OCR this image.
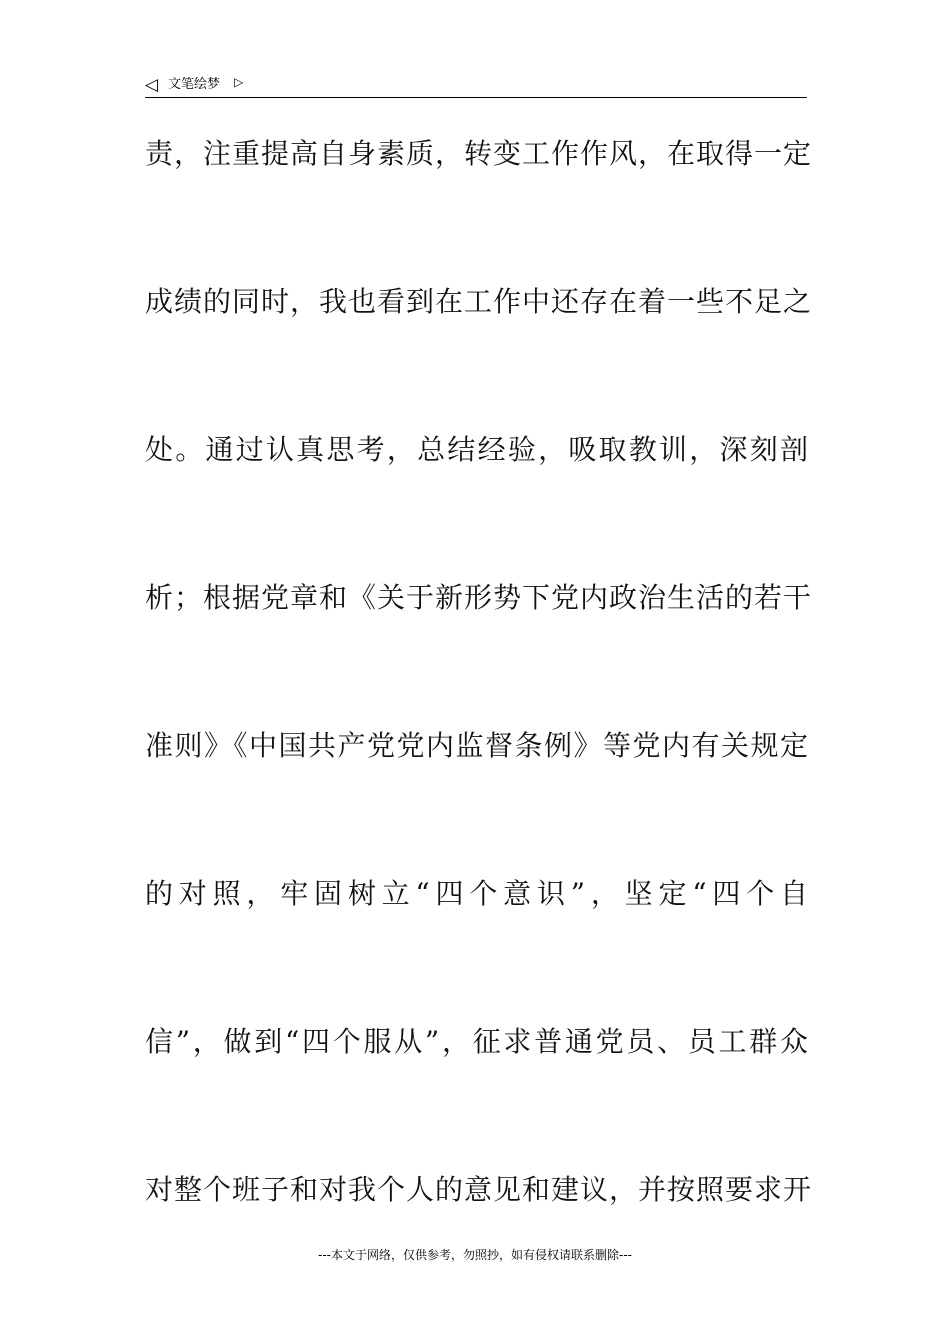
◁ 文笔绘梦 ▷
责，注重提高自身素质，转变工作作风，在取得一定
成绩的同时，我也看到在工作中还存在着一些不足之
处。通过认真思考，总结经验，吸取教训，深刻剖
析；根据党章和《关于新形势下党内政治生活的若干
准则》《中国共产党党内监督条例》等党内有关规定
的对照，牢固树立“四个意识”，坚定“四个自
信”，做到“四个服从”，征求普通党员、员工群众
对整个班子和对我个人的意见和建议，并按照要求开
---本文于网络，仅供参考，勿照抄，如有侵权请联系删除---
